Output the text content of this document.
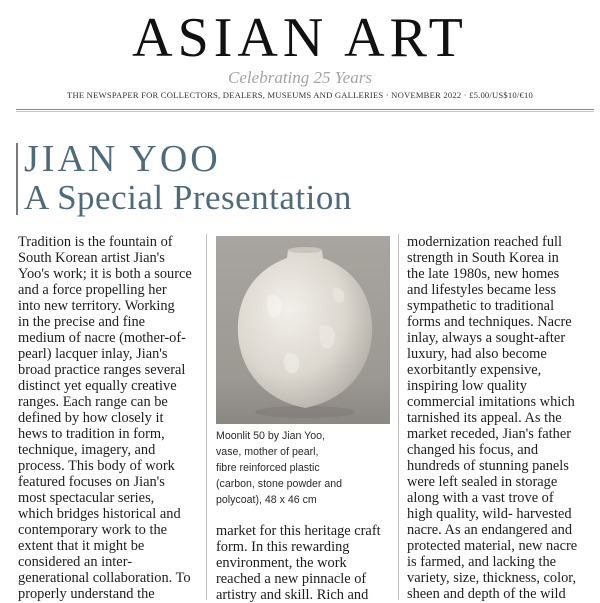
ASIAN ART
Celebrating 25 Years
THE NEWSPAPER FOR COLLECTORS, DEALERS, MUSEUMS AND GALLERIES · NOVEMBER 2022 · £5.00/US$10/€10
JIAN YOO
A Special Presentation

Tradition is the fountain of
South Korean artist Jian's
Yoo's work; it is both a source
and a force propelling her
into new territory. Working
in the precise and fine
medium of nacre (mother-of-
pearl) lacquer inlay, Jian's
broad practice ranges several
distinct yet equally creative
ranges. Each range can be
defined by how closely it
hews to tradition in form,
technique, imagery, and
process. This body of work
featured focuses on Jian's
most spectacular series,
which bridges historical and
contemporary work to the
extent that it might be
considered an inter-
generational collaboration. To
properly understand the

Moonlit 50 by Jian Yoo,
vase, mother of pearl,
fibre reinforced plastic
(carbon, stone powder and
polycoat), 48 x 46 cm

market for this heritage craft
form. In this rewarding
environment, the work
reached a new pinnacle of
artistry and skill. Rich and

modernization reached full
strength in South Korea in
the late 1980s, new homes
and lifestyles became less
sympathetic to traditional
forms and techniques. Nacre
inlay, always a sought-after
luxury, had also become
exorbitantly expensive,
inspiring low quality
commercial imitations which
tarnished its appeal. As the
market receded, Jian's father
changed his focus, and
hundreds of stunning panels
were left sealed in storage
along with a vast trove of
high quality, wild- harvested
nacre. As an endangered and
protected material, new nacre
is farmed, and lacking the
variety, size, thickness, color,
sheen and depth of the wild
